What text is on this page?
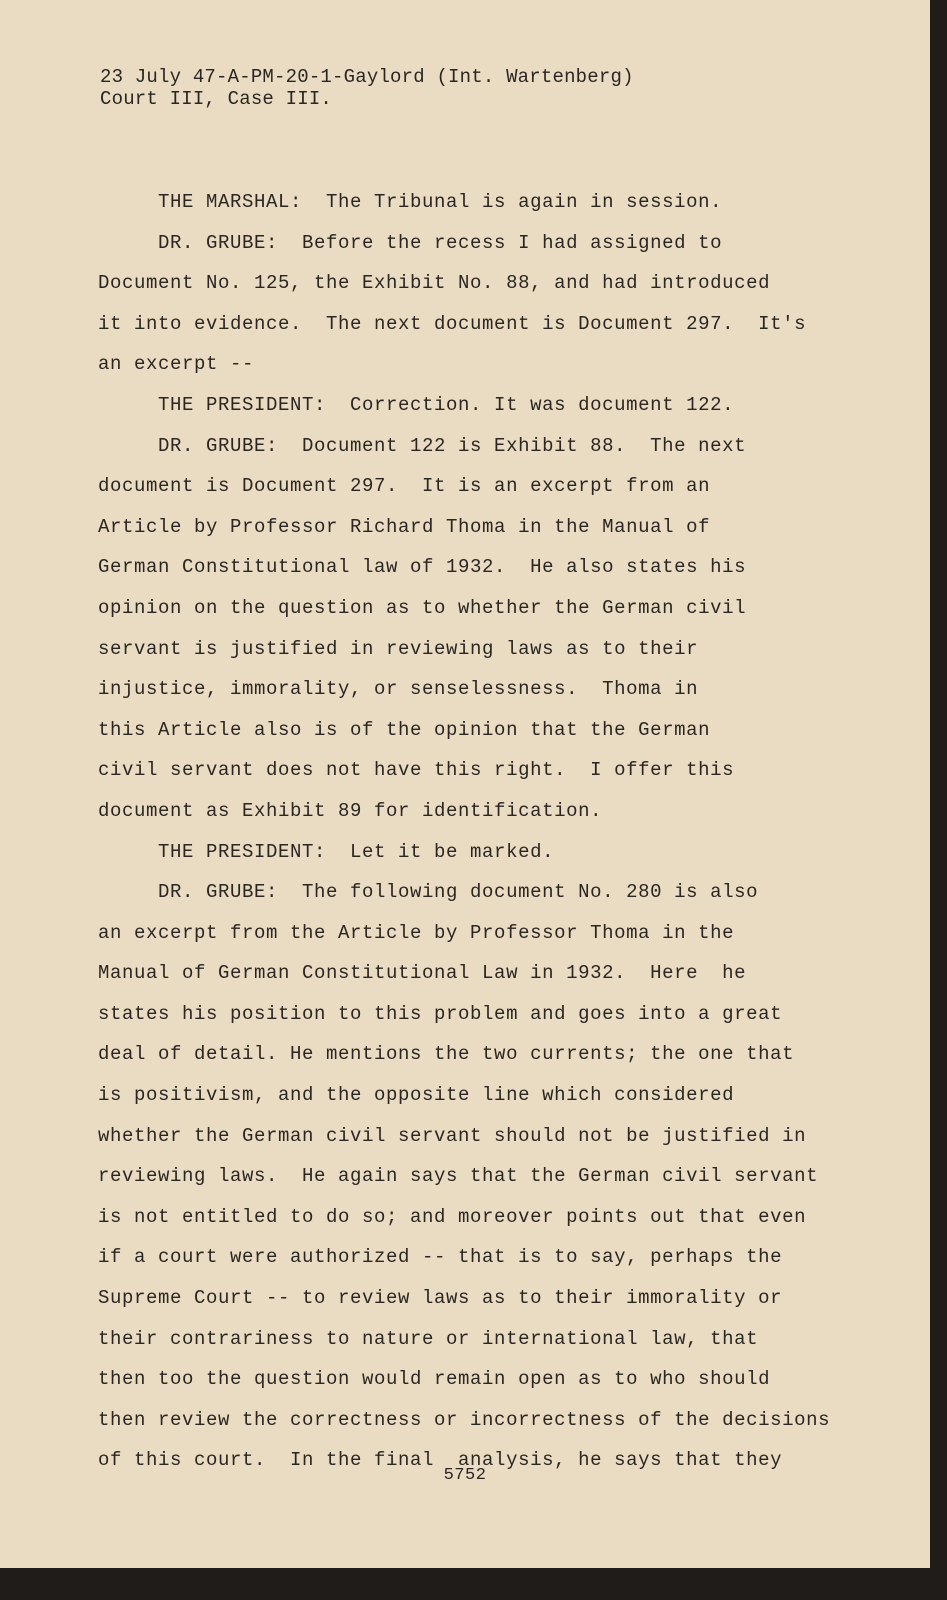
23 July 47-A-PM-20-1-Gaylord (Int. Wartenberg)
Court III, Case III.
THE MARSHAL:  The Tribunal is again in session.
DR. GRUBE:  Before the recess I had assigned to
Document No. 125, the Exhibit No. 88, and had introduced
it into evidence.  The next document is Document 297.  It's
an excerpt --
THE PRESIDENT:  Correction. It was document 122.
DR. GRUBE:  Document 122 is Exhibit 88.  The next
document is Document 297.  It is an excerpt from an
Article by Professor Richard Thoma in the Manual of
German Constitutional law of 1932.  He also states his
opinion on the question as to whether the German civil
servant is justified in reviewing laws as to their
injustice, immorality, or senselessness.  Thoma in
this Article also is of the opinion that the German
civil servant does not have this right.  I offer this
document as Exhibit 89 for identification.
THE PRESIDENT:  Let it be marked.
DR. GRUBE:  The following document No. 280 is also
an excerpt from the Article by Professor Thoma in the
Manual of German Constitutional Law in 1932.  Here  he
states his position to this problem and goes into a great
deal of detail. He mentions the two currents; the one that
is positivism, and the opposite line which considered
whether the German civil servant should not be justified in
reviewing laws.  He again says that the German civil servant
is not entitled to do so; and moreover points out that even
if a court were authorized -- that is to say, perhaps the
Supreme Court -- to review laws as to their immorality or
their contrariness to nature or international law, that
then too the question would remain open as to who should
then review the correctness or incorrectness of the decisions
of this court.  In the final  analysis, he says that they
5752
